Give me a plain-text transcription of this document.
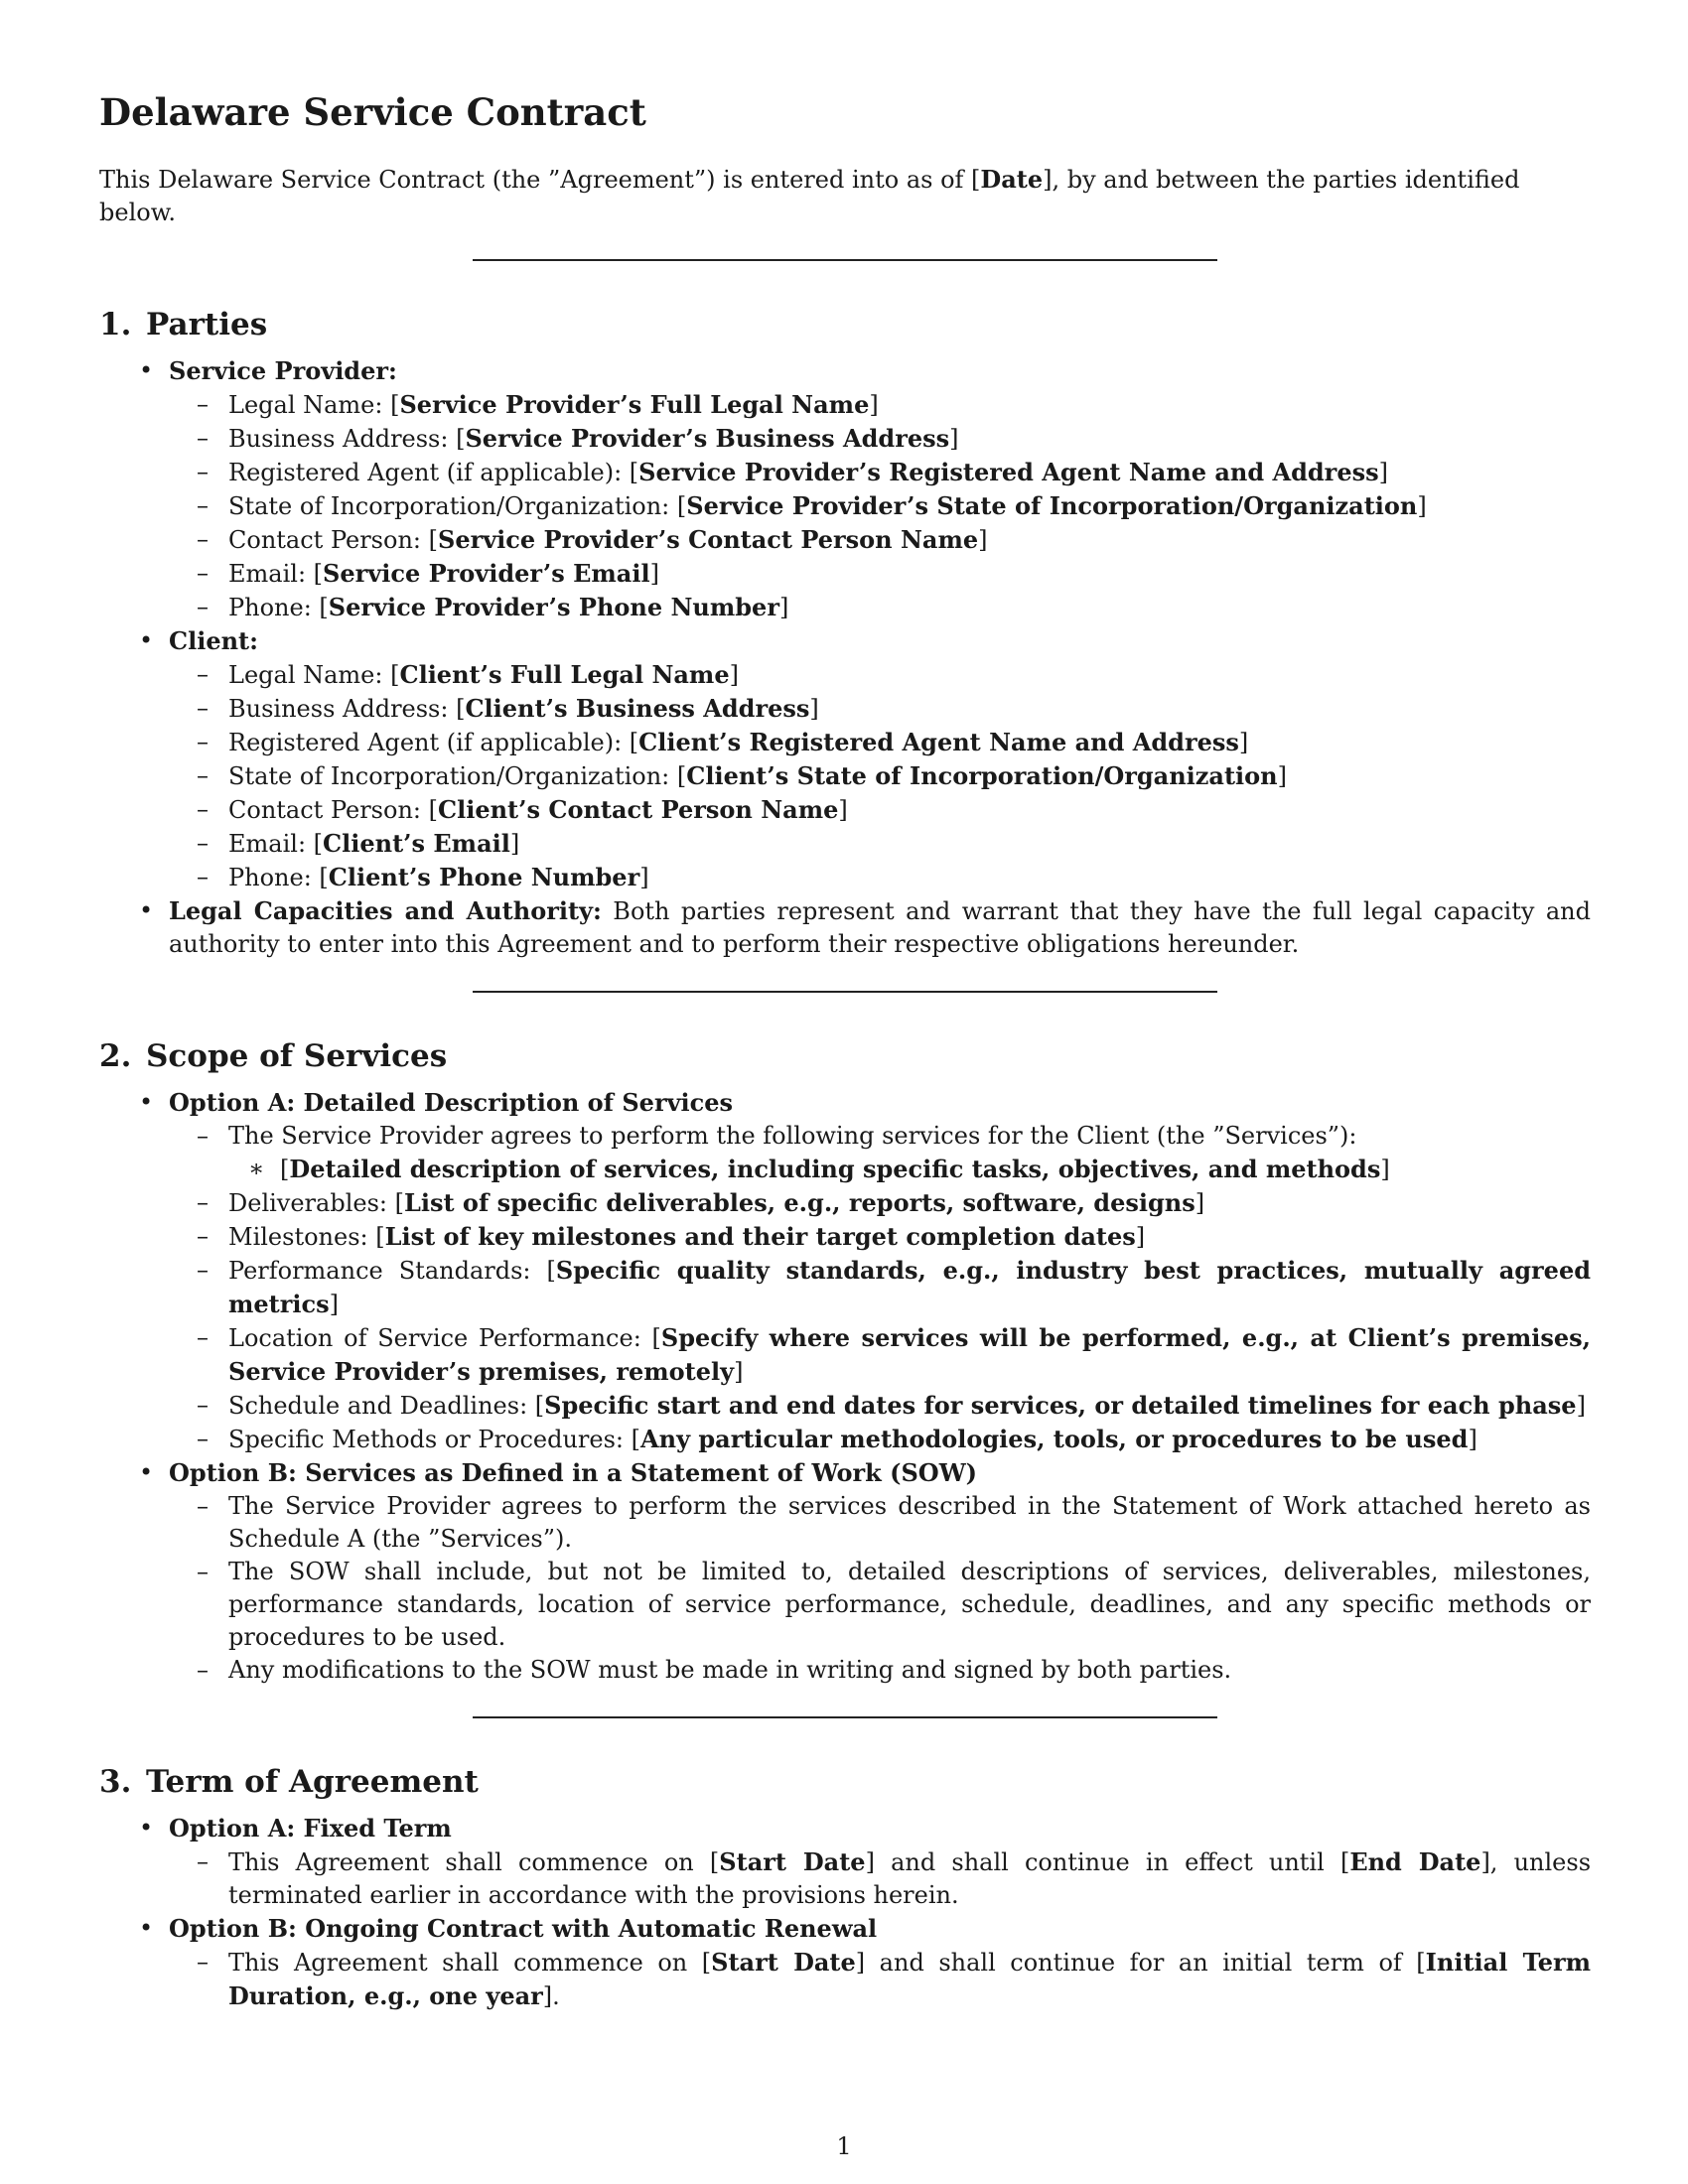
Delaware Service Contract

This Delaware Service Contract (the ”Agreement”) is entered into as of [Date], by and between the parties identified below.

1. Parties
• Service Provider:
– Legal Name: [Service Provider’s Full Legal Name]
– Business Address: [Service Provider’s Business Address]
– Registered Agent (if applicable): [Service Provider’s Registered Agent Name and Address]
– State of Incorporation/Organization: [Service Provider’s State of Incorporation/Organization]
– Contact Person: [Service Provider’s Contact Person Name]
– Email: [Service Provider’s Email]
– Phone: [Service Provider’s Phone Number]
• Client:
– Legal Name: [Client’s Full Legal Name]
– Business Address: [Client’s Business Address]
– Registered Agent (if applicable): [Client’s Registered Agent Name and Address]
– State of Incorporation/Organization: [Client’s State of Incorporation/Organization]
– Contact Person: [Client’s Contact Person Name]
– Email: [Client’s Email]
– Phone: [Client’s Phone Number]
• Legal Capacities and Authority: Both parties represent and warrant that they have the full legal capacity and authority to enter into this Agreement and to perform their respective obligations hereunder.
2. Scope of Services
• Option A: Detailed Description of Services
– The Service Provider agrees to perform the following services for the Client (the ”Services”):
∗ [Detailed description of services, including specific tasks, objectives, and methods]
– Deliverables: [List of specific deliverables, e.g., reports, software, designs]
– Milestones: [List of key milestones and their target completion dates]
– Performance Standards: [Specific quality standards, e.g., industry best practices, mutually agreed metrics]
– Location of Service Performance: [Specify where services will be performed, e.g., at Client’s premises, Service Provider’s premises, remotely]
– Schedule and Deadlines: [Specific start and end dates for services, or detailed timelines for each phase]
– Specific Methods or Procedures: [Any particular methodologies, tools, or procedures to be used]
• Option B: Services as Defined in a Statement of Work (SOW)
– The Service Provider agrees to perform the services described in the Statement of Work attached hereto as Schedule A (the ”Services”).
– The SOW shall include, but not be limited to, detailed descriptions of services, deliverables, milestones, performance standards, location of service performance, schedule, deadlines, and any specific methods or procedures to be used.
– Any modifications to the SOW must be made in writing and signed by both parties.
3. Term of Agreement
• Option A: Fixed Term
– This Agreement shall commence on [Start Date] and shall continue in effect until [End Date], unless terminated earlier in accordance with the provisions herein.
• Option B: Ongoing Contract with Automatic Renewal
– This Agreement shall commence on [Start Date] and shall continue for an initial term of [Initial Term Duration, e.g., one year].
1
